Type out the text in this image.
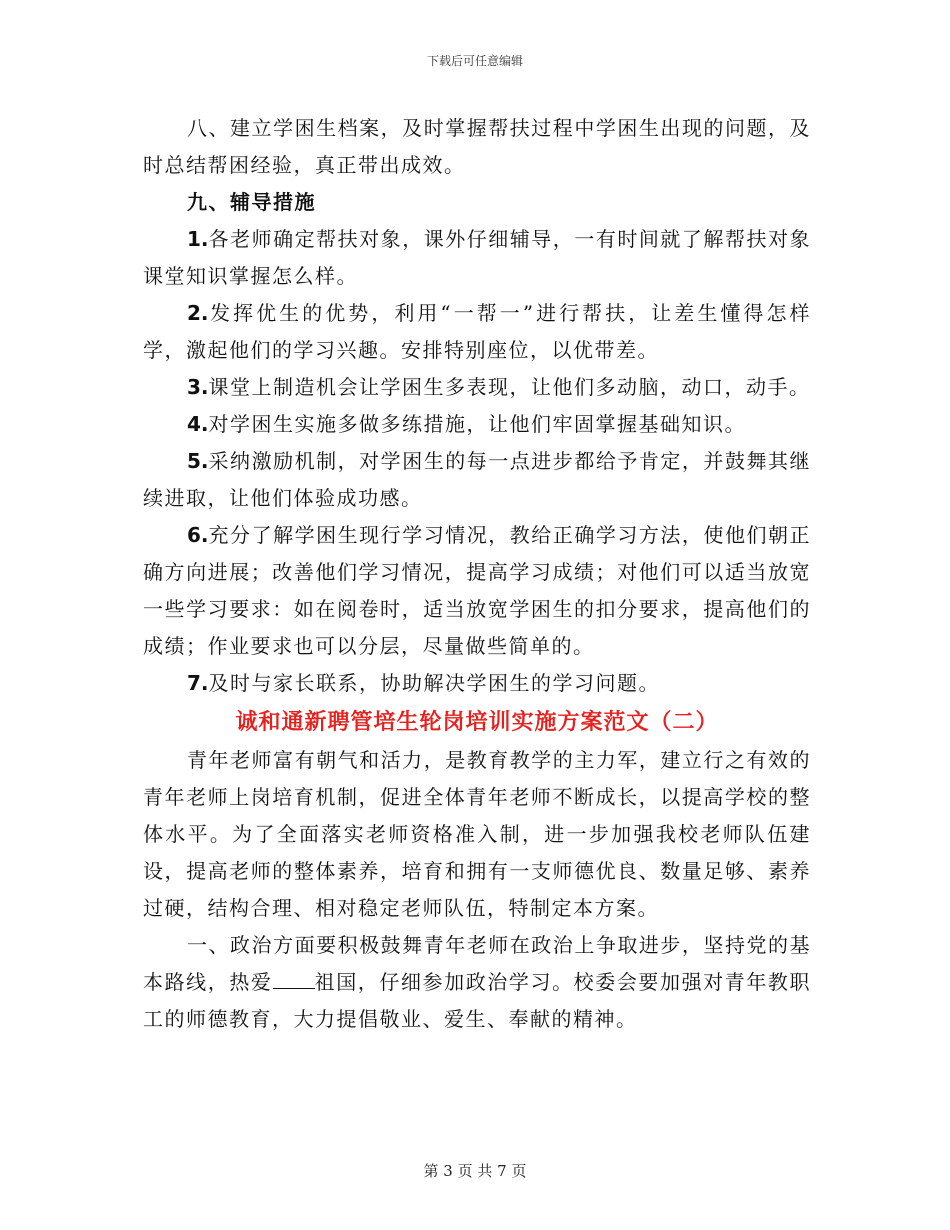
下载后可任意编辑

八、建立学困生档案，及时掌握帮扶过程中学困生出现的问题，及时总结帮困经验，真正带出成效。

九、辅导措施

1.各老师确定帮扶对象，课外仔细辅导，一有时间就了解帮扶对象课堂知识掌握怎么样。

2.发挥优生的优势，利用“一帮一”进行帮扶，让差生懂得怎样学，激起他们的学习兴趣。安排特别座位，以优带差。

3.课堂上制造机会让学困生多表现，让他们多动脑，动口，动手。

4.对学困生实施多做多练措施，让他们牢固掌握基础知识。

5.采纳激励机制，对学困生的每一点进步都给予肯定，并鼓舞其继续进取，让他们体验成功感。

6.充分了解学困生现行学习情况，教给正确学习方法，使他们朝正确方向进展；改善他们学习情况，提高学习成绩；对他们可以适当放宽一些学习要求：如在阅卷时，适当放宽学困生的扣分要求，提高他们的成绩；作业要求也可以分层，尽量做些简单的。

7.及时与家长联系，协助解决学困生的学习问题。

诚和通新聘管培生轮岗培训实施方案范文（二）

青年老师富有朝气和活力，是教育教学的主力军，建立行之有效的青年老师上岗培育机制，促进全体青年老师不断成长，以提高学校的整体水平。为了全面落实老师资格准入制，进一步加强我校老师队伍建设，提高老师的整体素养，培育和拥有一支师德优良、数量足够、素养过硬，结构合理、相对稳定老师队伍，特制定本方案。

一、政治方面要积极鼓舞青年老师在政治上争取进步，坚持党的基本路线，热爱 祖国，仔细参加政治学习。校委会要加强对青年教职工的师德教育，大力提倡敬业、爱生、奉献的精神。

第 3 页 共 7 页
